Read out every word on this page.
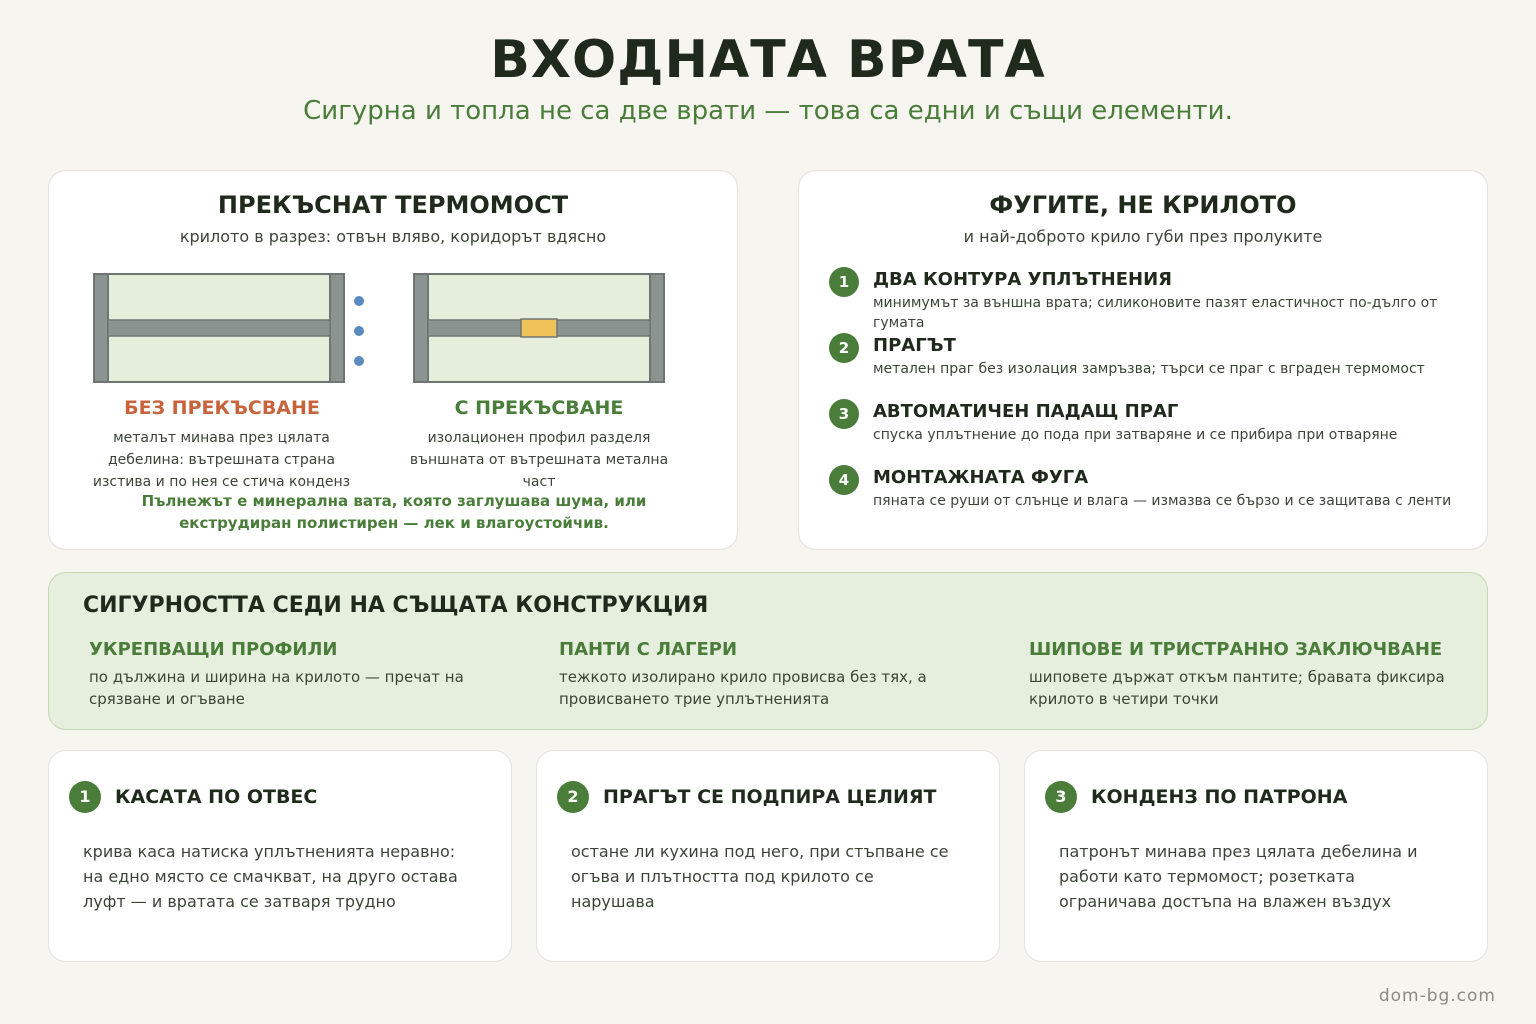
ВХОДНАТА ВРАТА
Сигурна и топла не са две врати — това са едни и същи елементи.
ПРЕКЪСНАТ ТЕРМОМОСТ
крилото в разрез: отвън вляво, коридорът вдясно
БЕЗ ПРЕКЪСВАНЕ
металът минава през цялата дебелина: вътрешната страна изстива и по нея се стича конденз
С ПРЕКЪСВАНЕ
изолационен профил разделя външната от вътрешната метална част
Пълнежът е минерална вата, която заглушава шума, или екструдиран полистирен — лек и влагоустойчив.
ФУГИТЕ, НЕ КРИЛОТО
и най-доброто крило губи през пролуките
1	ДВА КОНТУРА УПЛЪТНЕНИЯ
минимумът за външна врата; силиконовите пазят еластичност по-дълго от гумата
2	ПРАГЪТ
метален праг без изолация замръзва; търси се праг с вграден термомост
3	АВТОМАТИЧЕН ПАДАЩ ПРАГ
спуска уплътнение до пода при затваряне и се прибира при отваряне
4	МОНТАЖНАТА ФУГА
пяната се руши от слънце и влага — измазва се бързо и се защитава с ленти
СИГУРНОСТТА СЕДИ НА СЪЩАТА КОНСТРУКЦИЯ
УКРЕПВАЩИ ПРОФИЛИ
по дължина и ширина на крилото — пречат на срязване и огъване
ПАНТИ С ЛАГЕРИ
тежкото изолирано крило провисва без тях, а провисването трие уплътненията
ШИПОВЕ И ТРИСТРАННО ЗАКЛЮЧВАНЕ
шиповете държат откъм пантите; бравата фиксира крилото в четири точки
1	КАСАТА ПО ОТВЕС
крива каса натиска уплътненията неравно: на едно място се смачкват, на друго остава луфт — и вратата се затваря трудно
2	ПРАГЪТ СЕ ПОДПИРА ЦЕЛИЯТ
остане ли кухина под него, при стъпване се огъва и плътността под крилото се нарушава
3	КОНДЕНЗ ПО ПАТРОНА
патронът минава през цялата дебелина и работи като термомост; розетката ограничава достъпа на влажен въздух
dom-bg.com
